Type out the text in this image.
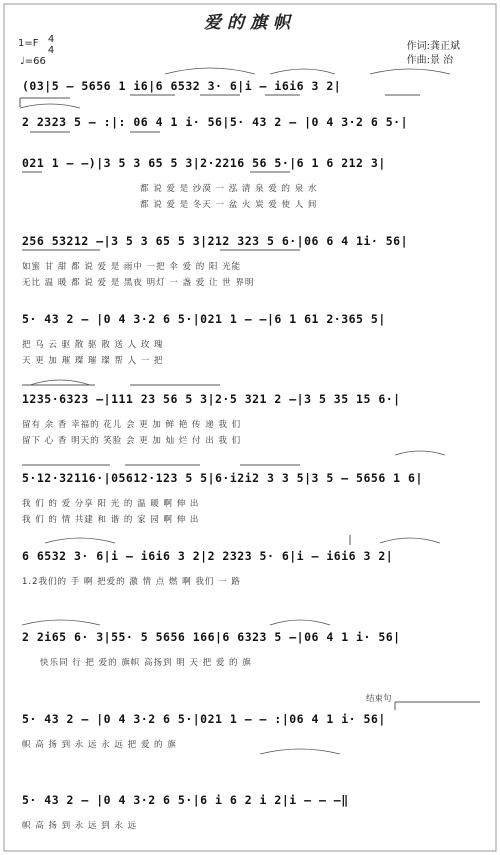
爱的旗帜
1=F 4
4
♩=66
作词:龚正斌
作曲:景 治
(03|5 – 5656 1 i6|6 6532 3· 6|i – i6i6 3 2|
2 2323 5 – :|: 06 4 1 i· 56|5· 43 2 – |0 4 3·2 6 5·|
021 1 – –)|3 5 3 65 5 3|2·2216 56 5·|6 1 6 212 3|
都 说 爱 是 沙漠 一 泓 清 泉 爱 的 泉 水
都 说 爱 是 冬天 一 盆 火 炭 爱 使 人 间
256 53212 –|3 5 3 65 5 3|212 323 5 6·|06 6 4 1i· 56|
如蜜 甘 甜 都 说 爱 是 雨中 一把 伞 爱 的 阳 光能
无比 温 暖 都 说 爱 是 黑夜 明灯 一 盏 爱 让 世 界明
5· 43 2 – |0 4 3·2 6 5·|021 1 – –|6 1 61 2·365 5|
把 乌 云 驱 散 驱 散 送 人 玫 瑰
天 更 加 璀 璨 璀 璨 帮 人 一 把
1235·6323 –|111 23 56 5 3|2·5 321 2 –|3 5 35 15 6·|
留有 余 香 幸福的 花儿 会 更 加 鲜 艳 传 递 我 们
留下 心 香 明天的 笑脸 会 更 加 灿 烂 付 出 我 们
5·12·32116·|05612·123 5 5|6·i2i2 3 3 5|3 5 – 5656 1 6|
我 们 的 爱 分享 阳 光 的 温 暖 啊 伸 出
我 们 的 情 共建 和 谐 的 家 园 啊 伸 出
6 6532 3· 6|i – i6i6 3 2|2 2323 5· 6|i – i6i6 3 2|
1.2我们的 手 啊 把爱的 激 情 点 燃 啊 我们 一 路
2 2i65 6· 3|55· 5 5656 166|6 6323 5 –|06 4 1 i· 56|
快乐同 行 把 爱的 旗帜 高扬到 明 天 把 爱 的 旗
结束句
5· 43 2 – |0 4 3·2 6 5·|021 1 – – :|06 4 1 i· 56|
帜 高 扬 到 永 远 永 远 把 爱 的 旗
5· 43 2 – |0 4 3·2 6 5·|6 i 6 2 i 2|i – – –‖
帜 高 扬 到 永 远 到 永 远
